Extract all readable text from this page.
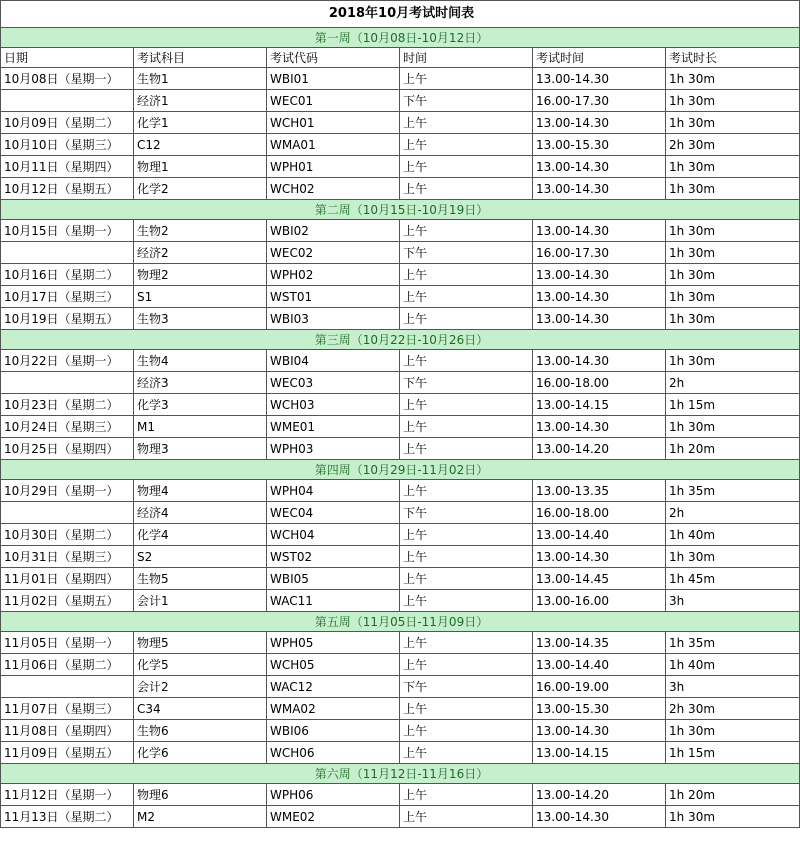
2018年10月考试时间表					
第一周（10月08日-10月12日）					
日期	考试科目	考试代码	时间	考试时间	考试时长
10月08日（星期一）	生物1	WBI01	上午	13.00-14.30	1h 30m
	经济1	WEC01	下午	16.00-17.30	1h 30m
10月09日（星期二）	化学1	WCH01	上午	13.00-14.30	1h 30m
10月10日（星期三）	C12	WMA01	上午	13.00-15.30	2h 30m
10月11日（星期四）	物理1	WPH01	上午	13.00-14.30	1h 30m
10月12日（星期五）	化学2	WCH02	上午	13.00-14.30	1h 30m
第二周（10月15日-10月19日）					
10月15日（星期一）	生物2	WBI02	上午	13.00-14.30	1h 30m
	经济2	WEC02	下午	16.00-17.30	1h 30m
10月16日（星期二）	物理2	WPH02	上午	13.00-14.30	1h 30m
10月17日（星期三）	S1	WST01	上午	13.00-14.30	1h 30m
10月19日（星期五）	生物3	WBI03	上午	13.00-14.30	1h 30m
第三周（10月22日-10月26日）					
10月22日（星期一）	生物4	WBI04	上午	13.00-14.30	1h 30m
	经济3	WEC03	下午	16.00-18.00	2h
10月23日（星期二）	化学3	WCH03	上午	13.00-14.15	1h 15m
10月24日（星期三）	M1	WME01	上午	13.00-14.30	1h 30m
10月25日（星期四）	物理3	WPH03	上午	13.00-14.20	1h 20m
第四周（10月29日-11月02日）					
10月29日（星期一）	物理4	WPH04	上午	13.00-13.35	1h 35m
	经济4	WEC04	下午	16.00-18.00	2h
10月30日（星期二）	化学4	WCH04	上午	13.00-14.40	1h 40m
10月31日（星期三）	S2	WST02	上午	13.00-14.30	1h 30m
11月01日（星期四）	生物5	WBI05	上午	13.00-14.45	1h 45m
11月02日（星期五）	会计1	WAC11	上午	13.00-16.00	3h
第五周（11月05日-11月09日）					
11月05日（星期一）	物理5	WPH05	上午	13.00-14.35	1h 35m
11月06日（星期二）	化学5	WCH05	上午	13.00-14.40	1h 40m
	会计2	WAC12	下午	16.00-19.00	3h
11月07日（星期三）	C34	WMA02	上午	13.00-15.30	2h 30m
11月08日（星期四）	生物6	WBI06	上午	13.00-14.30	1h 30m
11月09日（星期五）	化学6	WCH06	上午	13.00-14.15	1h 15m
第六周（11月12日-11月16日）					
11月12日（星期一）	物理6	WPH06	上午	13.00-14.20	1h 20m
11月13日（星期二）	M2	WME02	上午	13.00-14.30	1h 30m
